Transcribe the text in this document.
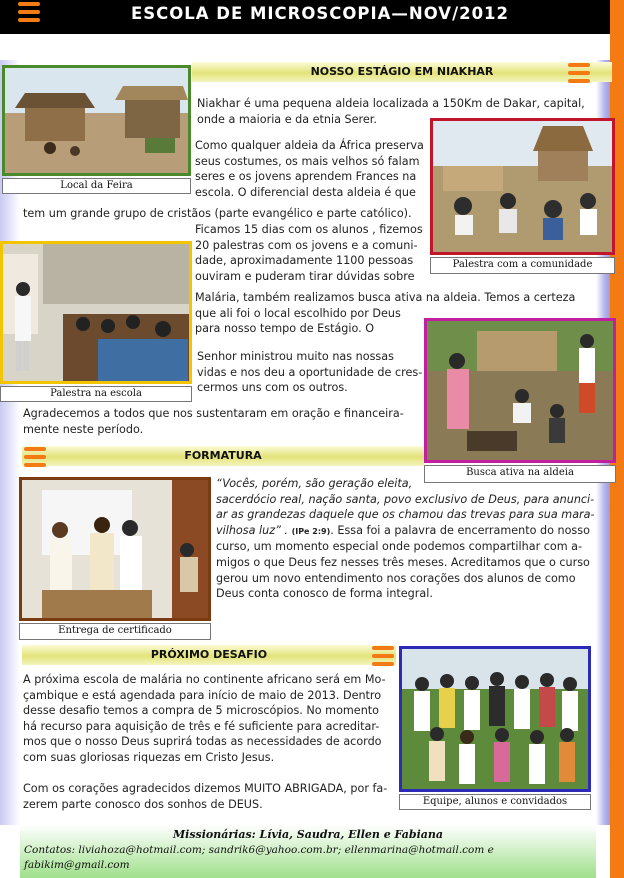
ESCOLA DE MICROSCOPIA—NOV/2012
NOSSO ESTÁGIO EM NIAKHAR
Local da Feira
Niakhar é uma pequena aldeia localizada a 150Km de Dakar, capital,
onde a maioria e da etnia Serer.
Palestra com a comunidade
Como qualquer aldeia da África preserva
seus costumes, os mais velhos só falam
seres e os jovens aprendem Frances na
escola. O diferencial desta aldeia é que
tem um grande grupo de cristãos (parte evangélico e parte católico).
Ficamos 15 dias com os alunos , fizemos
20 palestras com os jovens e a comuni-
dade, aproximadamente 1100 pessoas
ouviram e puderam tirar dúvidas sobre
Malária, também realizamos busca ativa na aldeia. Temos a certeza
que ali foi o local escolhido por Deus
para nosso tempo de Estágio. O
Palestra na escola
Senhor ministrou muito nas nossas
vidas e nos deu a oportunidade de cres-
cermos uns com os outros.
Busca ativa na aldeia
Agradecemos a todos que nos sustentaram em oração e financeira-
mente neste período.
FORMATURA
Entrega de certificado
“Vocês, porém, são geração eleita,
sacerdócio real, nação santa, povo exclusivo de Deus, para anunci-
ar as grandezas daquele que os chamou das trevas para sua mara-
vilhosa luz” . (IPe 2:9). Essa foi a palavra de encerramento do nosso
curso, um momento especial onde podemos compartilhar com a-
migos o que Deus fez nesses três meses. Acreditamos que o curso
gerou um novo entendimento nos corações dos alunos de como
Deus conta conosco de forma integral.
PRÓXIMO DESAFIO
A próxima escola de malária no continente africano será em Mo-
çambique e está agendada para início de maio de 2013. Dentro
desse desafio temos a compra de 5 microscópios. No momento
há recurso para aquisição de três e fé suficiente para acreditar-
mos que o nosso Deus suprirá todas as necessidades de acordo
com suas gloriosas riquezas em Cristo Jesus.
Com os corações agradecidos dizemos MUITO ABRIGADA, por fa-
zerem parte conosco dos sonhos de DEUS.	Equipe, alunos e convidados
Missionárias: Lívia, Saudra, Ellen e Fabiana
Contatos: liviahoza@hotmail.com; sandrik6@yahoo.com.br; ellenmarina@hotmail.com e
fabikim@gmail.com
